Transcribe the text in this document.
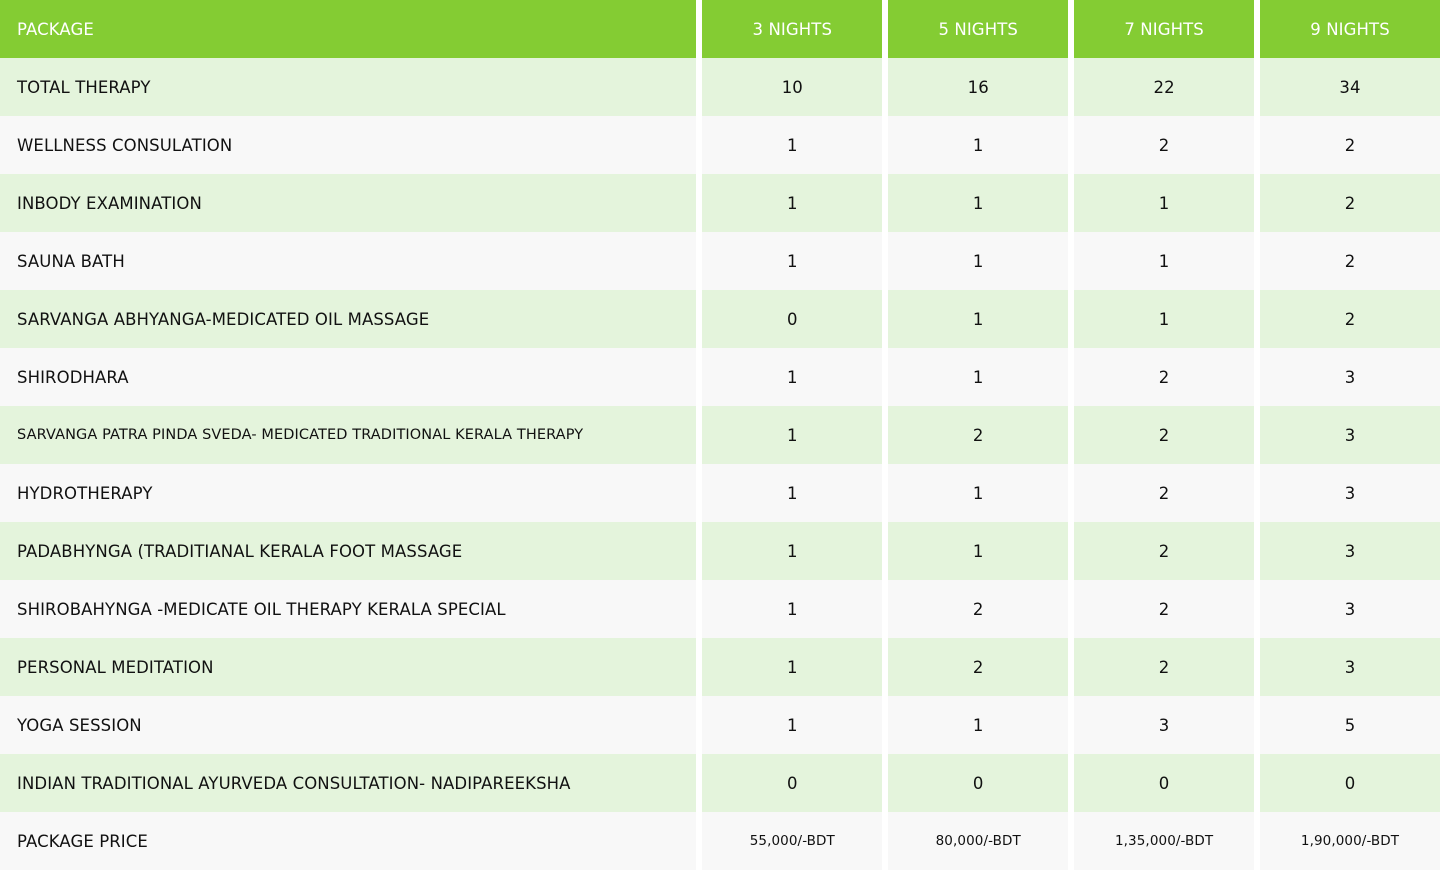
PACKAGE	3 NIGHTS	5 NIGHTS	7 NIGHTS	9 NIGHTS
TOTAL THERAPY	10	16	22	34
WELLNESS CONSULATION	1	1	2	2
INBODY EXAMINATION	1	1	1	2
SAUNA BATH	1	1	1	2
SARVANGA ABHYANGA-MEDICATED OIL MASSAGE	0	1	1	2
SHIRODHARA	1	1	2	3
SARVANGA PATRA PINDA SVEDA- MEDICATED TRADITIONAL KERALA THERAPY	1	2	2	3
HYDROTHERAPY	1	1	2	3
PADABHYNGA (TRADITIANAL KERALA FOOT MASSAGE	1	1	2	3
SHIROBAHYNGA -MEDICATE OIL THERAPY KERALA SPECIAL	1	2	2	3
PERSONAL MEDITATION	1	2	2	3
YOGA SESSION	1	1	3	5
INDIAN TRADITIONAL AYURVEDA CONSULTATION- NADIPAREEKSHA	0	0	0	0
PACKAGE PRICE	55,000/-BDT	80,000/-BDT	1,35,000/-BDT	1,90,000/-BDT
